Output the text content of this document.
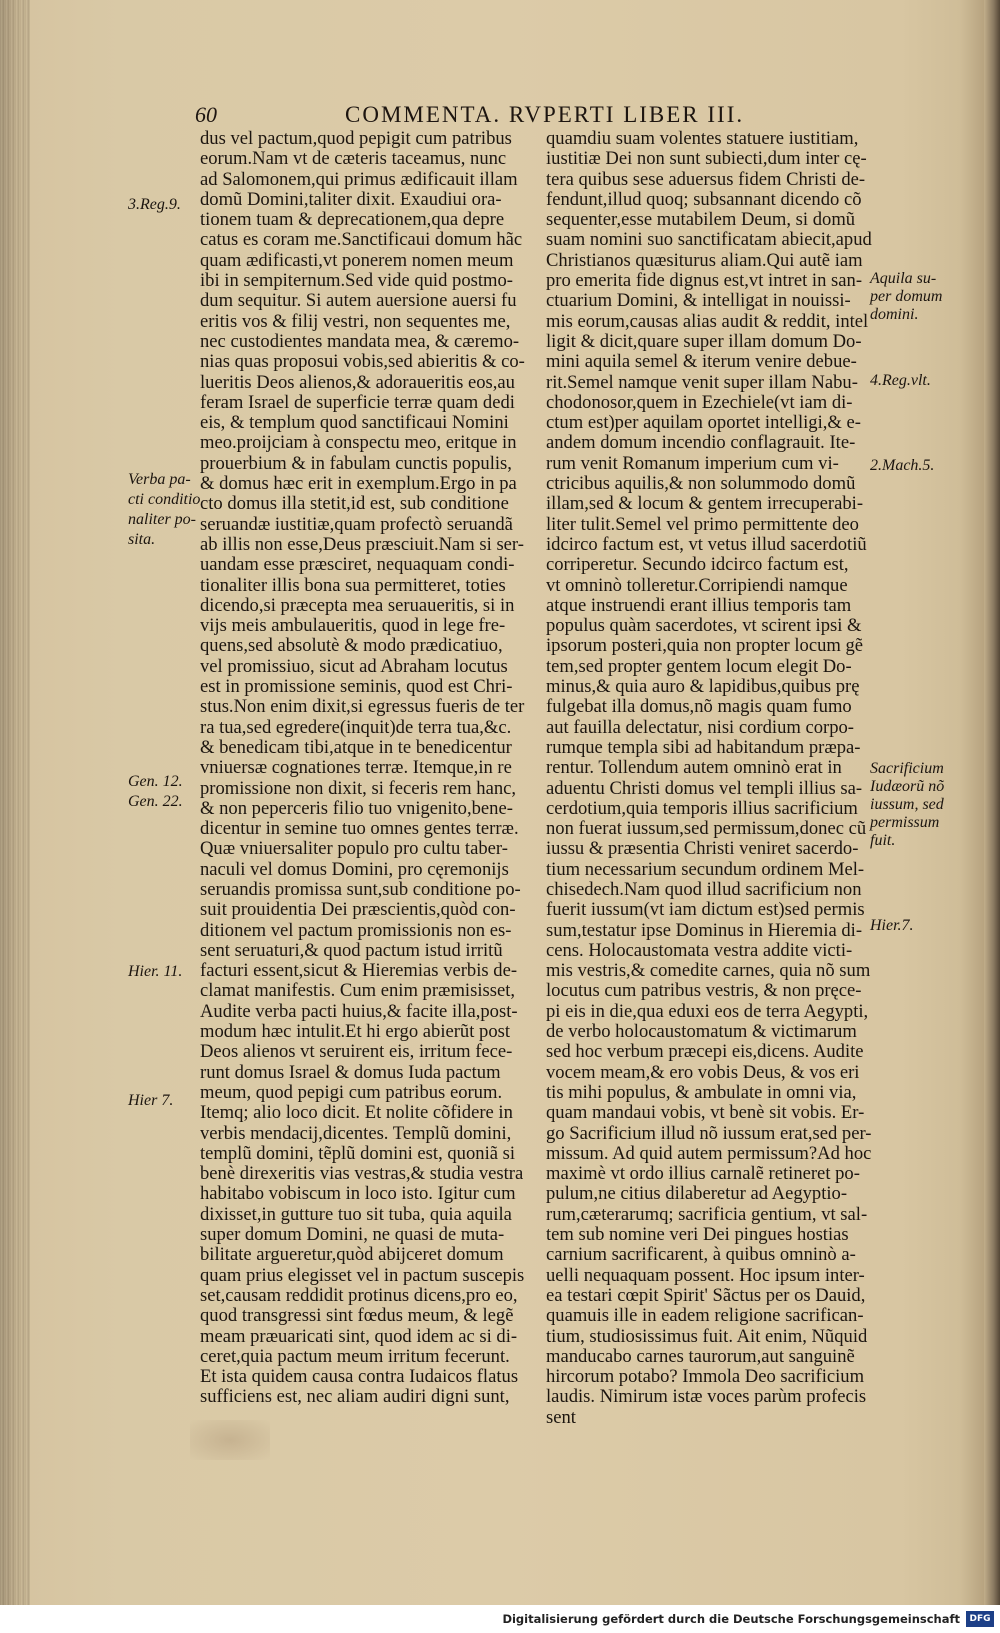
60	COMMENTA. RVPERTI LIBER III.
dus vel pactum,quod pepigit cum patribus
eorum.Nam vt de cæteris taceamus, nunc
ad Salomonem,qui primus ædificauit illam
domũ Domini,taliter dixit. Exaudiui ora-
tionem tuam & deprecationem,qua depre
catus es coram me.Sanctificaui domum hãc
quam ædificasti,vt ponerem nomen meum
ibi in sempiternum.Sed vide quid postmo-
dum sequitur. Si autem auersione auersi fu
eritis vos & filij vestri, non sequentes me,
nec custodientes mandata mea, & cæremo-
nias quas proposui vobis,sed abieritis & co-
lueritis Deos alienos,& adoraueritis eos,au
feram Israel de superficie terræ quam dedi
eis, & templum quod sanctificaui Nomini
meo.proijciam à conspectu meo, eritque in
prouerbium & in fabulam cunctis populis,
& domus hæc erit in exemplum.Ergo in pa
cto domus illa stetit,id est, sub conditione
seruandæ iustitiæ,quam profectò seruandã
ab illis non esse,Deus præsciuit.Nam si ser-
uandam esse præsciret, nequaquam condi-
tionaliter illis bona sua permitteret, toties
dicendo,si præcepta mea seruaueritis, si in
vijs meis ambulaueritis, quod in lege fre-
quens,sed absolutè & modo prædicatiuo,
vel promissiuo, sicut ad Abraham locutus
est in promissione seminis, quod est Chri-
stus.Non enim dixit,si egressus fueris de ter
ra tua,sed egredere(inquit)de terra tua,&c.
& benedicam tibi,atque in te benedicentur
vniuersæ cognationes terræ. Itemque,in re
promissione non dixit, si feceris rem hanc,
& non peperceris filio tuo vnigenito,bene-
dicentur in semine tuo omnes gentes terræ.
Quæ vniuersaliter populo pro cultu taber-
naculi vel domus Domini, pro cęremonijs
seruandis promissa sunt,sub conditione po-
suit prouidentia Dei præscientis,quòd con-
ditionem vel pactum promissionis non es-
sent seruaturi,& quod pactum istud irritũ
facturi essent,sicut & Hieremias verbis de-
clamat manifestis. Cum enim præmisisset,
Audite verba pacti huius,& facite illa,post-
modum hæc intulit.Et hi ergo abierũt post
Deos alienos vt seruirent eis, irritum fece-
runt domus Israel & domus Iuda pactum
meum, quod pepigi cum patribus eorum.
Itemq; alio loco dicit. Et nolite cõfidere in
verbis mendacij,dicentes. Templũ domini,
templũ domini, tẽplũ domini est, quoniã si
benè direxeritis vias vestras,& studia vestra
habitabo vobiscum in loco isto. Igitur cum
dixisset,in gutture tuo sit tuba, quia aquila
super domum Domini, ne quasi de muta-
bilitate argueretur,quòd abijceret domum
quam prius elegisset vel in pactum suscepis
set,causam reddidit protinus dicens,pro eo,
quod transgressi sint fœdus meum, & legẽ
meam præuaricati sint, quod idem ac si di-
ceret,quia pactum meum irritum fecerunt.
Et ista quidem causa contra Iudaicos flatus
sufficiens est, nec aliam audiri digni sunt,
quamdiu suam volentes statuere iustitiam,
iustitiæ Dei non sunt subiecti,dum inter cę-
tera quibus sese aduersus fidem Christi de-
fendunt,illud quoq; subsannant dicendo cõ
sequenter,esse mutabilem Deum, si domũ
suam nomini suo sanctificatam abiecit,apud
Christianos quæsiturus aliam.Qui autẽ iam
pro emerita fide dignus est,vt intret in san-
ctuarium Domini, & intelligat in nouissi-
mis eorum,causas alias audit & reddit, intel
ligit & dicit,quare super illam domum Do-
mini aquila semel & iterum venire debue-
rit.Semel namque venit super illam Nabu-
chodonosor,quem in Ezechiele(vt iam di-
ctum est)per aquilam oportet intelligi,& e-
andem domum incendio conflagrauit. Ite-
rum venit Romanum imperium cum vi-
ctricibus aquilis,& non solummodo domũ
illam,sed & locum & gentem irrecuperabi-
liter tulit.Semel vel primo permittente deo
idcirco factum est, vt vetus illud sacerdotiũ
corriperetur. Secundo idcirco factum est,
vt omninò tolleretur.Corripiendi namque
atque instruendi erant illius temporis tam
populus quàm sacerdotes, vt scirent ipsi &
ipsorum posteri,quia non propter locum gẽ
tem,sed propter gentem locum elegit Do-
minus,& quia auro & lapidibus,quibus prę
fulgebat illa domus,nõ magis quam fumo
aut fauilla delectatur, nisi cordium corpo-
rumque templa sibi ad habitandum præpa-
rentur. Tollendum autem omninò erat in
aduentu Christi domus vel templi illius sa-
cerdotium,quia temporis illius sacrificium
non fuerat iussum,sed permissum,donec cũ
iussu & præsentia Christi veniret sacerdo-
tium necessarium secundum ordinem Mel-
chisedech.Nam quod illud sacrificium non
fuerit iussum(vt iam dictum est)sed permis
sum,testatur ipse Dominus in Hieremia di-
cens. Holocaustomata vestra addite victi-
mis vestris,& comedite carnes, quia nõ sum
locutus cum patribus vestris, & non pręce-
pi eis in die,qua eduxi eos de terra Aegypti,
de verbo holocaustomatum & victimarum
sed hoc verbum præcepi eis,dicens. Audite
vocem meam,& ero vobis Deus, & vos eri
tis mihi populus, & ambulate in omni via,
quam mandaui vobis, vt benè sit vobis. Er-
go Sacrificium illud nõ iussum erat,sed per-
missum. Ad quid autem permissum?Ad hoc
maximè vt ordo illius carnalẽ retineret po-
pulum,ne citius dilaberetur ad Aegyptio-
rum,cæterarumq; sacrificia gentium, vt sal-
tem sub nomine veri Dei pingues hostias
carnium sacrificarent, à quibus omninò a-
uelli nequaquam possent. Hoc ipsum inter-
ea testari cœpit Spirit' Sãctus per os Dauid,
quamuis ille in eadem religione sacrifican-
tium, studiosissimus fuit. Ait enim, Nũquid
manducabo carnes taurorum,aut sanguinẽ
hircorum potabo? Immola Deo sacrificium
laudis. Nimirum istæ voces parùm profecis
sent
3.Reg.9.
Verba pa-
cti conditio
naliter po-
sita.
Gen. 12.
Gen. 22.
Hier. 11.
Hier 7.
Aquila su-
per domum
domini.
4.Reg.vlt.
2.Mach.5.
Sacrificium
Iudæorũ nõ
iussum, sed
permissum
fuit.
Hier.7.
Digitalisierung gefördert durch die Deutsche Forschungsgemeinschaft	DFG
